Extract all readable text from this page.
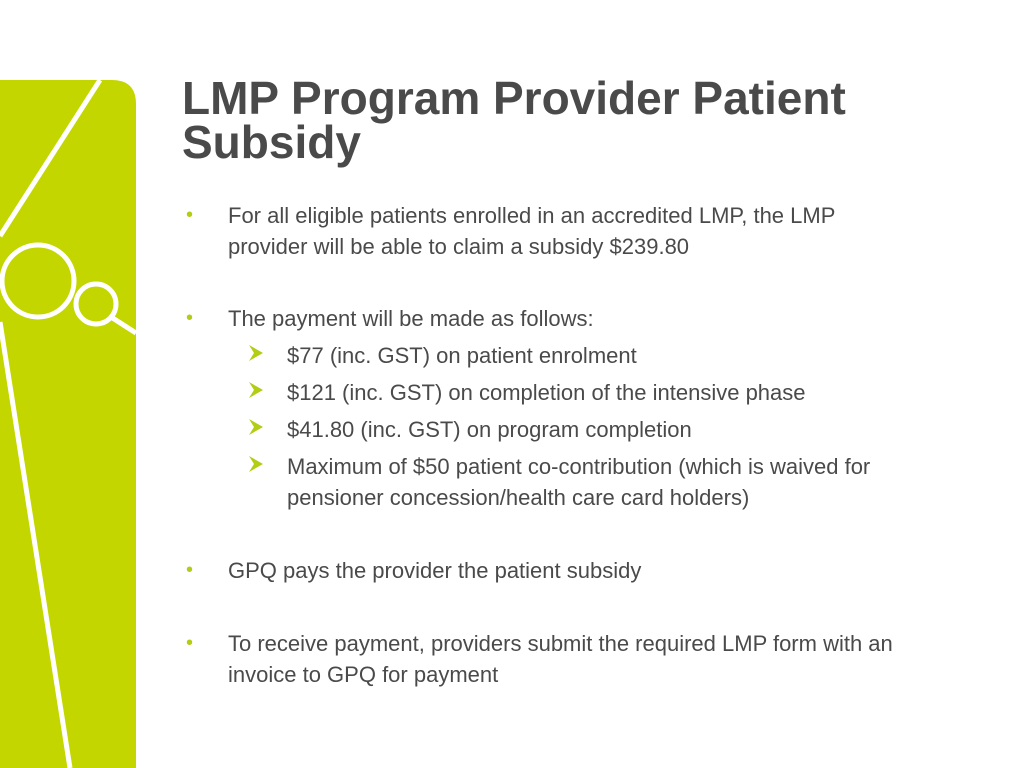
LMP Program Provider Patient Subsidy
• For all eligible patients enrolled in an accredited LMP, the LMP provider will be able to claim a subsidy $239.80
• The payment will be made as follows:
$77 (inc. GST) on patient enrolment
$121 (inc. GST) on completion of the intensive phase
$41.80 (inc. GST) on program completion
Maximum of $50 patient co-contribution (which is waived for pensioner concession/health care card holders)
• GPQ pays the provider the patient subsidy
• To receive payment, providers submit the required LMP form with an invoice to GPQ for payment
